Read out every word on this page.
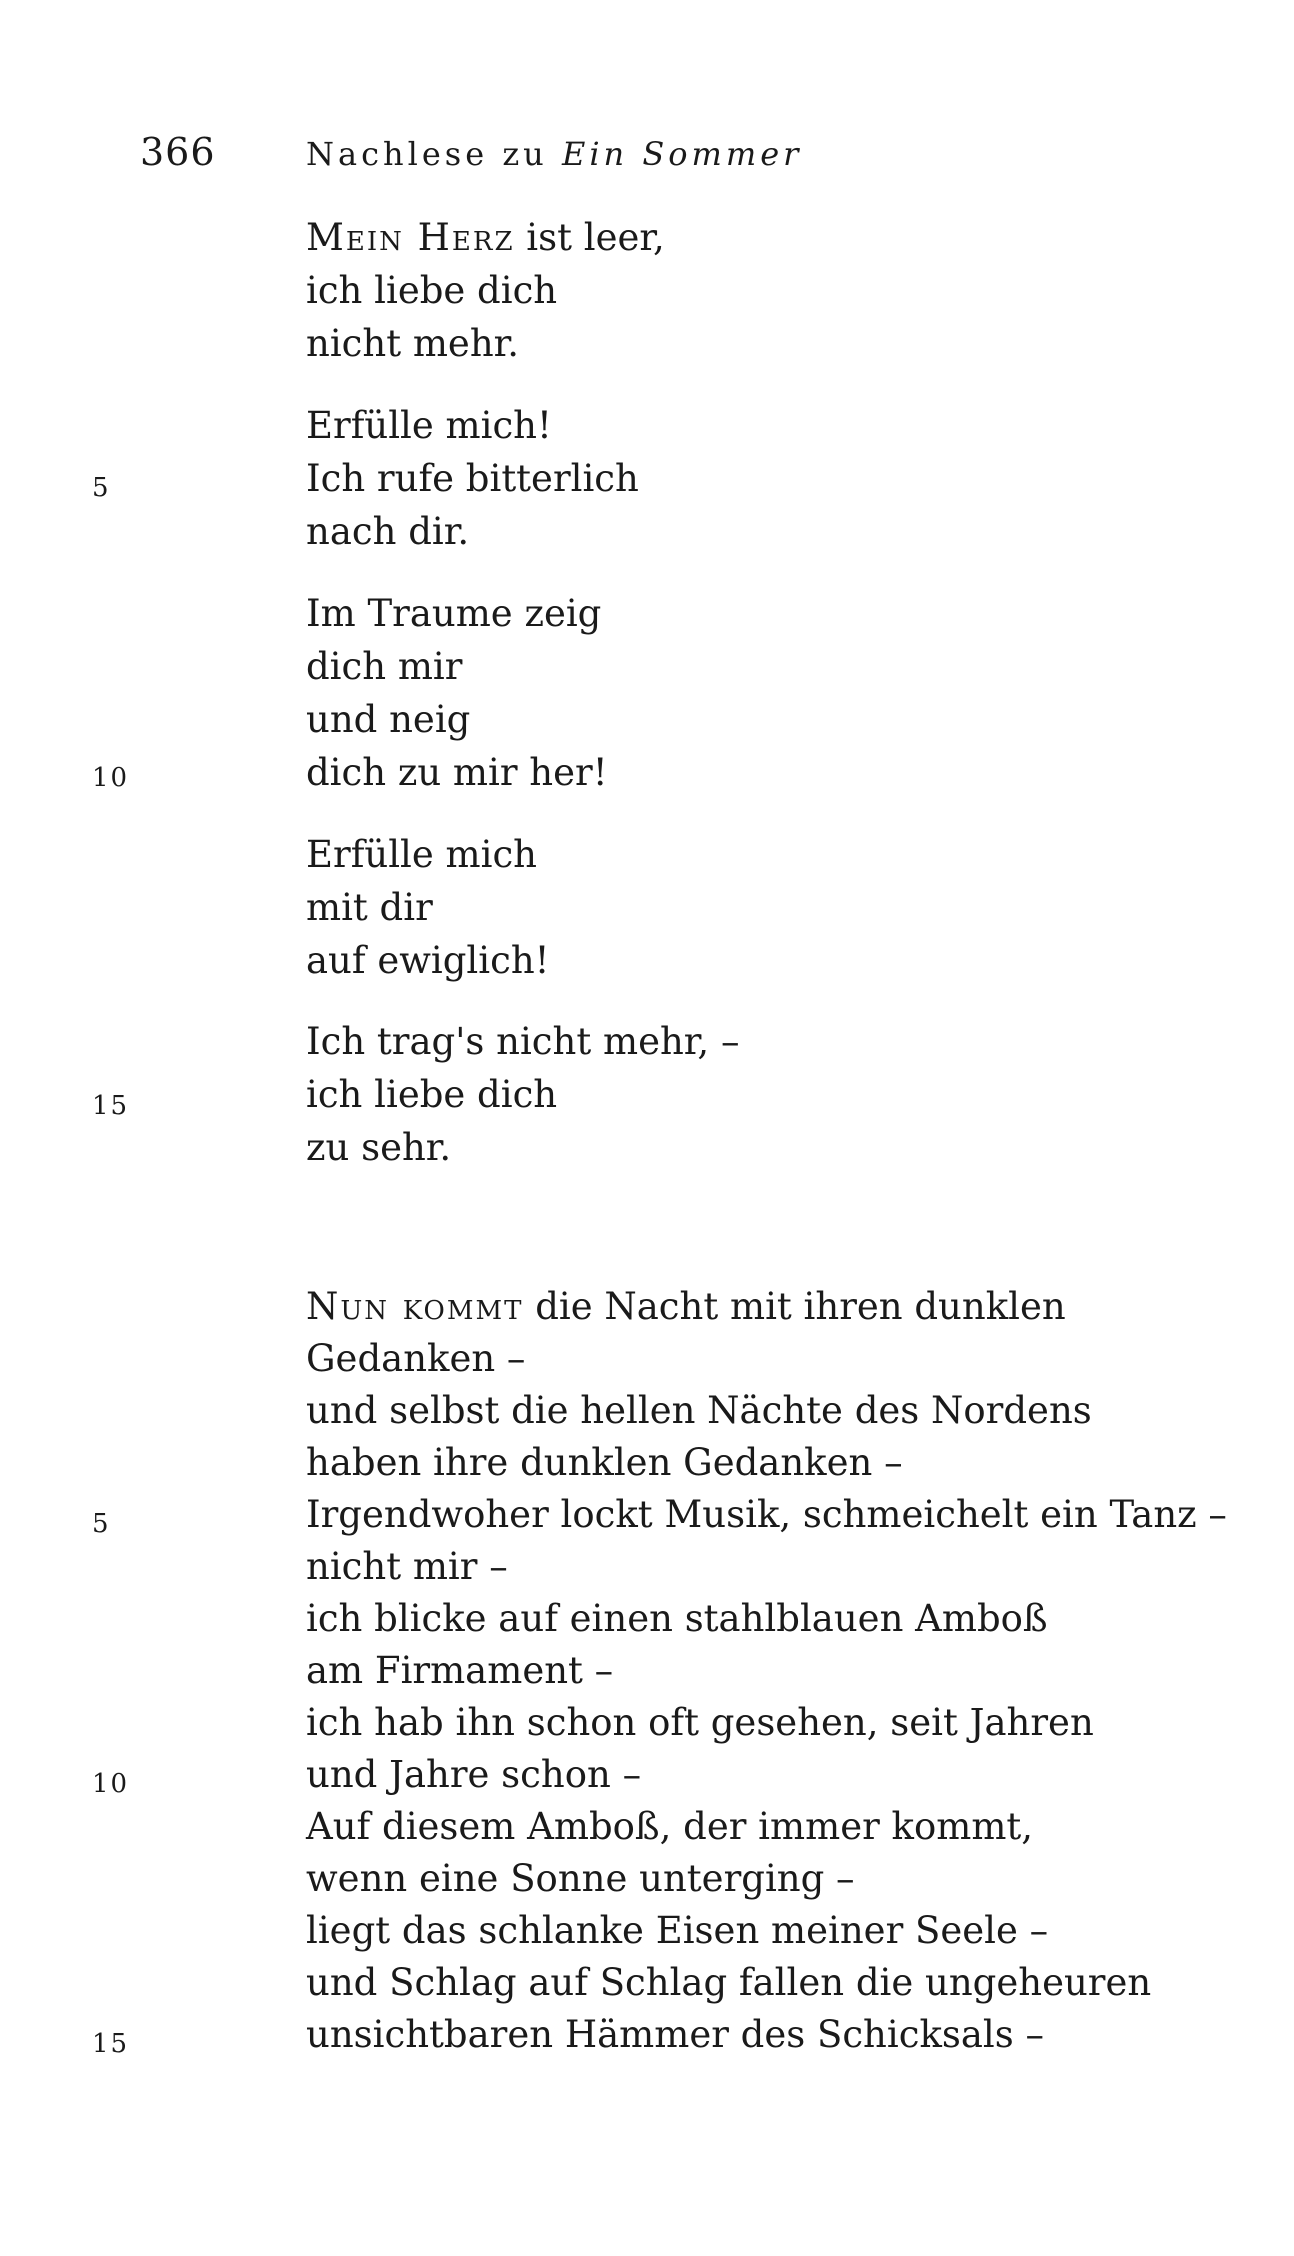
366	Nachlese zu Ein Sommer
Mein Herz ist leer,
ich liebe dich
nicht mehr.
Erfülle mich!
Ich rufe bitterlich
nach dir.
Im Traume zeig
dich mir
und neig
dich zu mir her!
Erfülle mich
mit dir
auf ewiglich!
Ich trag's nicht mehr, –
ich liebe dich
zu sehr.
5
10
15
Nun kommt die Nacht mit ihren dunklen
Gedanken –
und selbst die hellen Nächte des Nordens
haben ihre dunklen Gedanken –
Irgendwoher lockt Musik, schmeichelt ein Tanz –
nicht mir –
ich blicke auf einen stahlblauen Amboß
am Firmament –
ich hab ihn schon oft gesehen, seit Jahren
und Jahre schon –
Auf diesem Amboß, der immer kommt,
wenn eine Sonne unterging –
liegt das schlanke Eisen meiner Seele –
und Schlag auf Schlag fallen die ungeheuren
unsichtbaren Hämmer des Schicksals –
5
10
15
